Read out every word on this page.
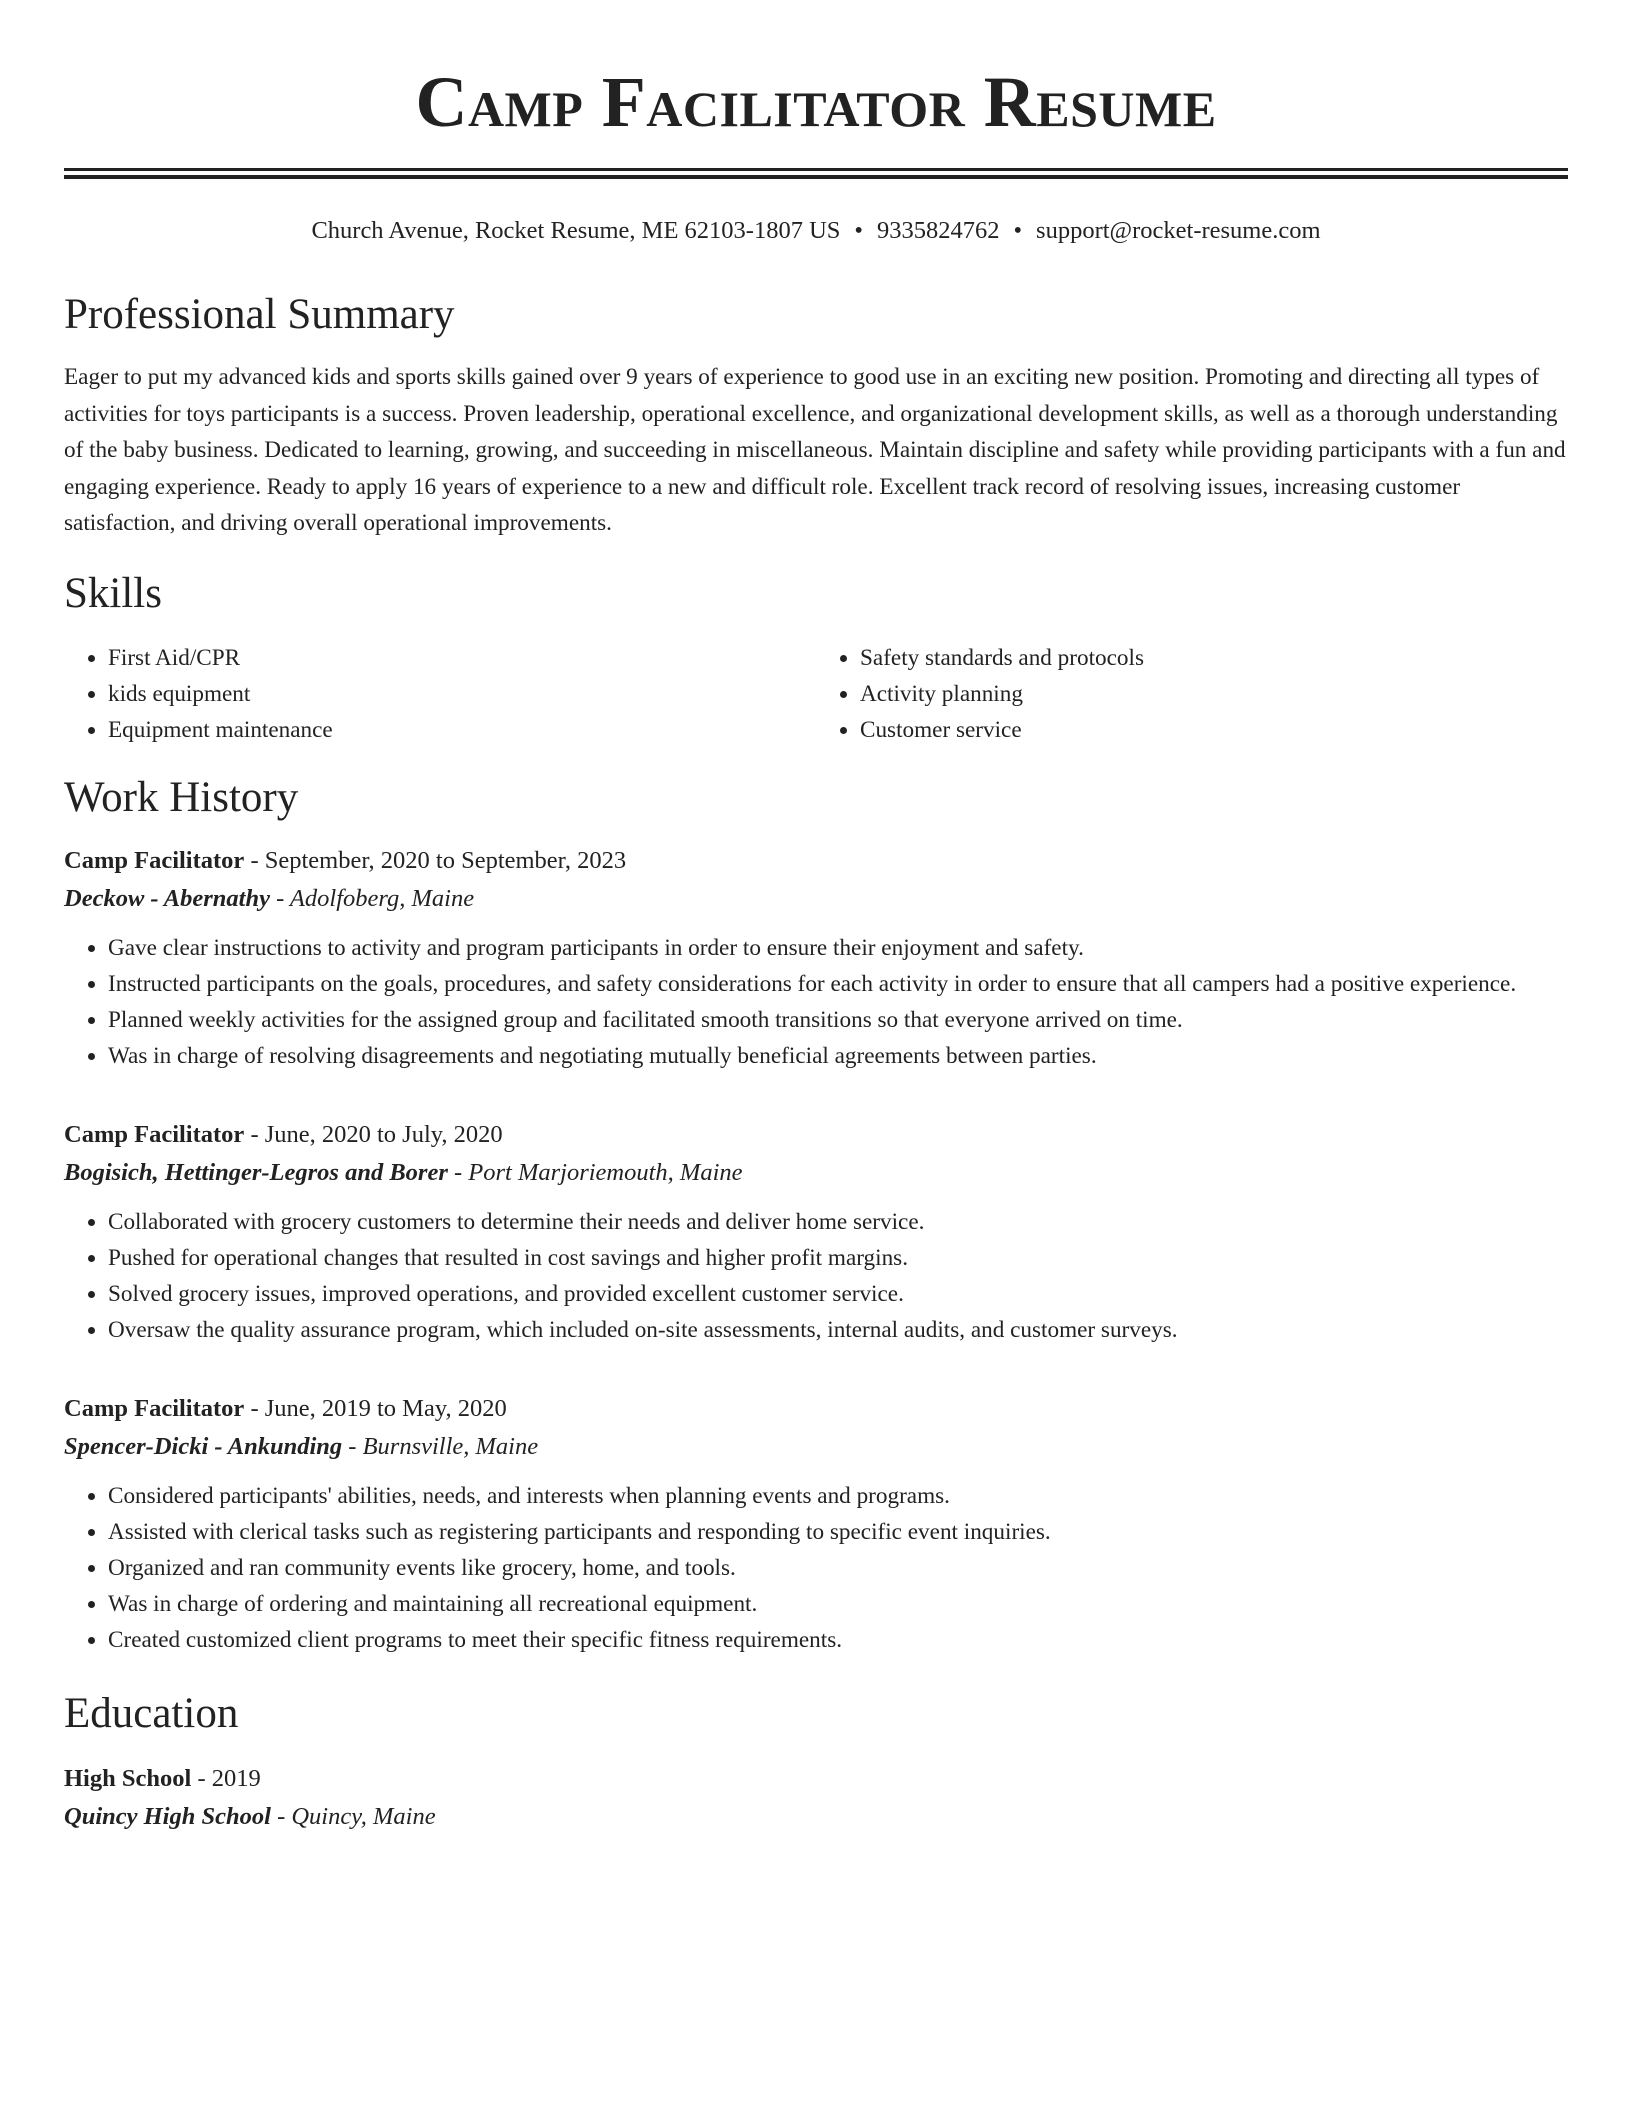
Camp Facilitator Resume
Church Avenue, Rocket Resume, ME 62103-1807 US • 9335824762 • support@rocket-resume.com
Professional Summary

Eager to put my advanced kids and sports skills gained over 9 years of experience to good use in an exciting new position. Promoting and directing all types of activities for toys participants is a success. Proven leadership, operational excellence, and organizational development skills, as well as a thorough understanding of the baby business. Dedicated to learning, growing, and succeeding in miscellaneous. Maintain discipline and safety while providing participants with a fun and engaging experience. Ready to apply 16 years of experience to a new and difficult role. Excellent track record of resolving issues, increasing customer satisfaction, and driving overall operational improvements.

Skills
• First Aid/CPR
• kids equipment
• Equipment maintenance
• Safety standards and protocols
• Activity planning
• Customer service
Work History
Camp Facilitator - September, 2020 to September, 2023
Deckow - Abernathy - Adolfoberg, Maine
• Gave clear instructions to activity and program participants in order to ensure their enjoyment and safety.
• Instructed participants on the goals, procedures, and safety considerations for each activity in order to ensure that all campers had a positive experience.
• Planned weekly activities for the assigned group and facilitated smooth transitions so that everyone arrived on time.
• Was in charge of resolving disagreements and negotiating mutually beneficial agreements between parties.
Camp Facilitator - June, 2020 to July, 2020
Bogisich, Hettinger-Legros and Borer - Port Marjoriemouth, Maine
• Collaborated with grocery customers to determine their needs and deliver home service.
• Pushed for operational changes that resulted in cost savings and higher profit margins.
• Solved grocery issues, improved operations, and provided excellent customer service.
• Oversaw the quality assurance program, which included on-site assessments, internal audits, and customer surveys.
Camp Facilitator - June, 2019 to May, 2020
Spencer-Dicki - Ankunding - Burnsville, Maine
• Considered participants' abilities, needs, and interests when planning events and programs.
• Assisted with clerical tasks such as registering participants and responding to specific event inquiries.
• Organized and ran community events like grocery, home, and tools.
• Was in charge of ordering and maintaining all recreational equipment.
• Created customized client programs to meet their specific fitness requirements.
Education
High School - 2019
Quincy High School - Quincy, Maine
